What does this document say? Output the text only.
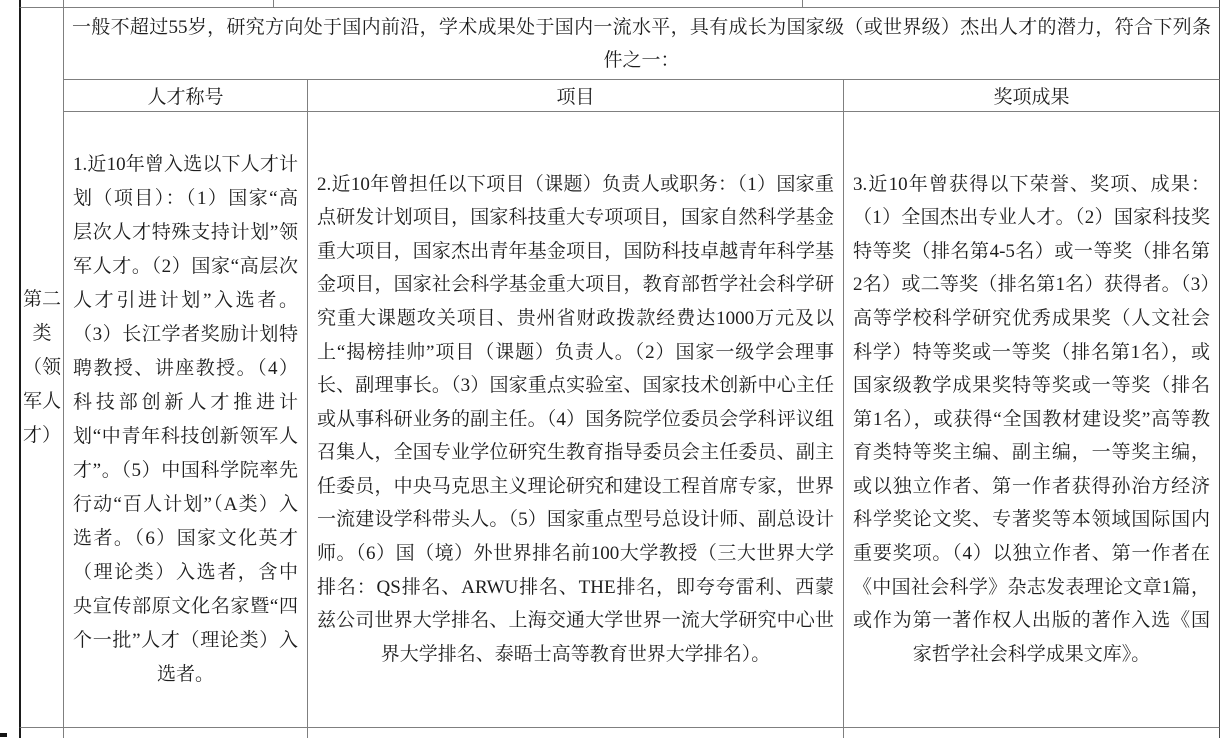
第二类（领军人才）
一般不超过55岁，研究方向处于国内前沿，学术成果处于国内一流水平，具有成长为国家级（或世界级）杰出人才的潜力，符合下列条件之一：
人才称号	项目	奖项成果
1.近10年曾入选以下人才计划（项目）：（1）国家“高层次人才特殊支持计划”领军人才。（2）国家“高层次人才引进计划”入选者。（3）长江学者奖励计划特聘教授、讲座教授。（4）科技部创新人才推进计划“中青年科技创新领军人才”。（5）中国科学院率先行动“百人计划”（A类）入选者。（6）国家文化英才（理论类）入选者，含中央宣传部原文化名家暨“四个一批”人才（理论类）入选者。
2.近10年曾担任以下项目（课题）负责人或职务：（1）国家重点研发计划项目，国家科技重大专项项目，国家自然科学基金重大项目，国家杰出青年基金项目，国防科技卓越青年科学基金项目，国家社会科学基金重大项目，教育部哲学社会科学研究重大课题攻关项目、贵州省财政拨款经费达1000万元及以上“揭榜挂帅”项目（课题）负责人。（2）国家一级学会理事长、副理事长。（3）国家重点实验室、国家技术创新中心主任或从事科研业务的副主任。（4）国务院学位委员会学科评议组召集人，全国专业学位研究生教育指导委员会主任委员、副主任委员，中央马克思主义理论研究和建设工程首席专家，世界一流建设学科带头人。（5）国家重点型号总设计师、副总设计师。（6）国（境）外世界排名前100大学教授（三大世界大学排名：QS排名、ARWU排名、THE排名，即夸夸雷利、西蒙兹公司世界大学排名、上海交通大学世界一流大学研究中心世界大学排名、泰晤士高等教育世界大学排名）。
3.近10年曾获得以下荣誉、奖项、成果：（1）全国杰出专业人才。（2）国家科技奖特等奖（排名第4-5名）或一等奖（排名第2名）或二等奖（排名第1名）获得者。（3）高等学校科学研究优秀成果奖（人文社会科学）特等奖或一等奖（排名第1名），或国家级教学成果奖特等奖或一等奖（排名第1名），或获得“全国教材建设奖”高等教育类特等奖主编、副主编，一等奖主编，或以独立作者、第一作者获得孙治方经济科学奖论文奖、专著奖等本领域国际国内重要奖项。（4）以独立作者、第一作者在《中国社会科学》杂志发表理论文章1篇，或作为第一著作权人出版的著作入选《国家哲学社会科学成果文库》。
